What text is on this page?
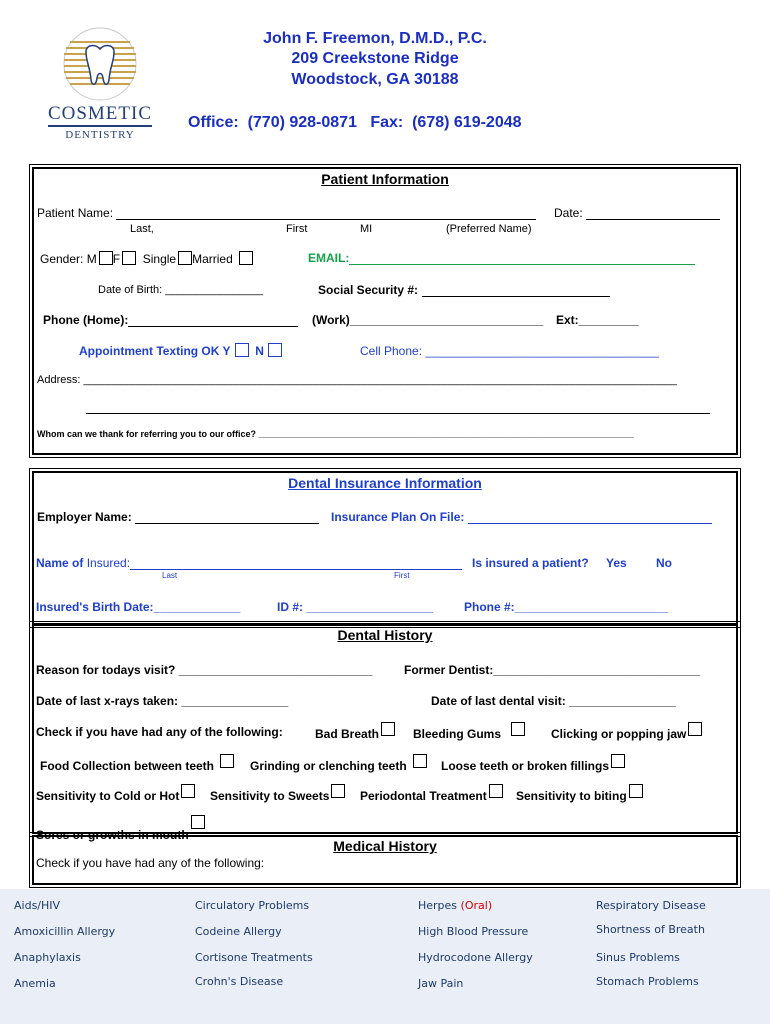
COSMETIC
DENTISTRY
John F. Freemon, D.M.D., P.C.
209 Creekstone Ridge
Woodstock, GA 30188
Office:  (770) 928-0871   Fax:  (678) 619-2048
Patient Information
Patient Name:	Date:
Last,	First	MI	(Preferred Name)
Gender: M F Single Married	EMAIL:
Date of Birth: ________________	Social Security #:
Phone (Home):	(Work)_____________________________ Ext:_________
Appointment Texting OK Y N	Cell Phone: ___________________________________
Address: _________________________________________________________________________________________________
Whom can we thank for referring you to our office? ___________________________________________________________________________
Dental Insurance Information
Employer Name:	Insurance Plan On File:
Name of Insured:
Last	First
Is insured a patient? Yes No
Insured's Birth Date:_____________	ID #: ___________________	Phone #:_______________________
Dental History
Reason for todays visit? _____________________________	Former Dentist:_______________________________
Date of last x-rays taken: ________________	Date of last dental visit: ________________
Check if you have had any of the following:	Bad Breath	Bleeding Gums	Clicking or popping jaw
Food Collection between teeth	Grinding or clenching teeth	Loose teeth or broken fillings
Sensitivity to Cold or Hot	Sensitivity to Sweets	Periodontal Treatment	Sensitivity to biting
Sores or growths in mouth
Medical History
Check if you have had any of the following:
Aids/HIV	Circulatory Problems	Herpes (Oral)	Respiratory Disease
Amoxicillin Allergy	Codeine Allergy	High Blood Pressure	Shortness of Breath
Anaphylaxis	Cortisone Treatments	Hydrocodone Allergy	Sinus Problems
Anemia	Crohn's Disease	Jaw Pain	Stomach Problems
